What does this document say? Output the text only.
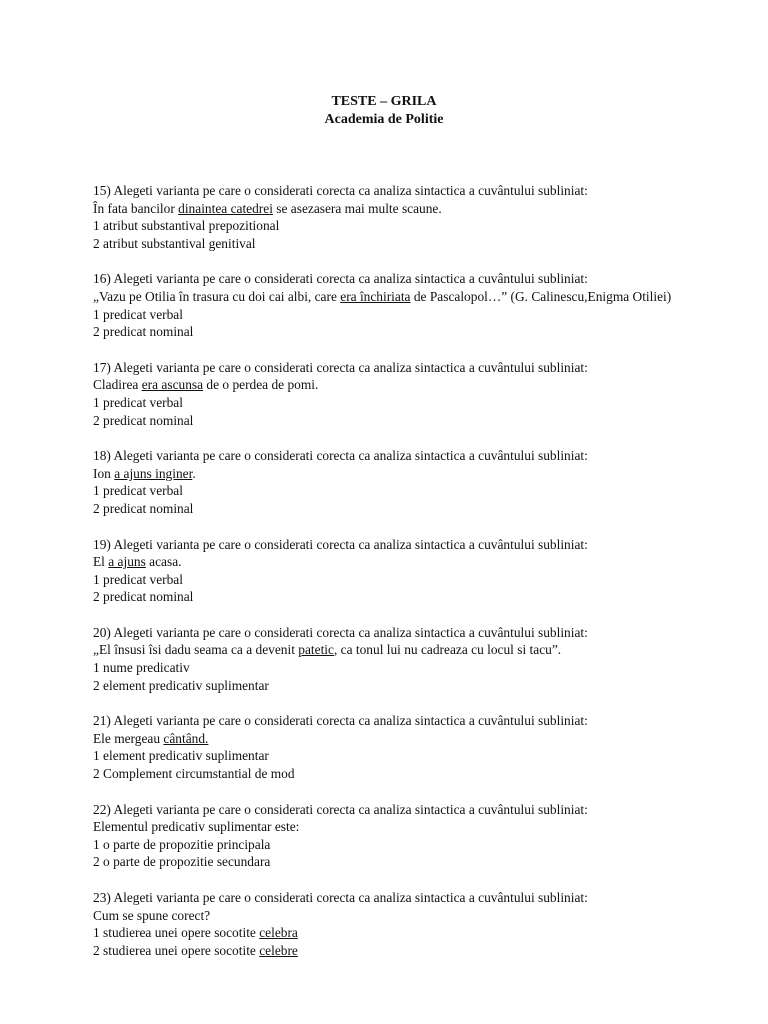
TESTE – GRILA
Academia de Politie

15) Alegeti varianta pe care o considerati corecta ca analiza sintactica a cuvântului subliniat:

În fata bancilor dinaintea catedrei se asezasera mai multe scaune.

1 atribut substantival prepozitional

2 atribut substantival genitival

16) Alegeti varianta pe care o considerati corecta ca analiza sintactica a cuvântului subliniat:

„Vazu pe Otilia în trasura cu doi cai albi, care era închiriata de Pascalopol…” (G. Calinescu,Enigma Otiliei)

1 predicat verbal

2 predicat nominal

17) Alegeti varianta pe care o considerati corecta ca analiza sintactica a cuvântului subliniat:

Cladirea era ascunsa de o perdea de pomi.

1 predicat verbal

2 predicat nominal

18) Alegeti varianta pe care o considerati corecta ca analiza sintactica a cuvântului subliniat:

Ion a ajuns inginer.

1 predicat verbal

2 predicat nominal

19) Alegeti varianta pe care o considerati corecta ca analiza sintactica a cuvântului subliniat:

El a ajuns acasa.

1 predicat verbal

2 predicat nominal

20) Alegeti varianta pe care o considerati corecta ca analiza sintactica a cuvântului subliniat:

„El însusi îsi dadu seama ca a devenit patetic, ca tonul lui nu cadreaza cu locul si tacu”.

1 nume predicativ

2 element predicativ suplimentar

21) Alegeti varianta pe care o considerati corecta ca analiza sintactica a cuvântului subliniat:

Ele mergeau cântând.

1 element predicativ suplimentar

2 Complement circumstantial de mod

22) Alegeti varianta pe care o considerati corecta ca analiza sintactica a cuvântului subliniat:

Elementul predicativ suplimentar este:

1 o parte de propozitie principala

2 o parte de propozitie secundara

23) Alegeti varianta pe care o considerati corecta ca analiza sintactica a cuvântului subliniat:

Cum se spune corect?

1 studierea unei opere socotite celebra

2 studierea unei opere socotite celebre
